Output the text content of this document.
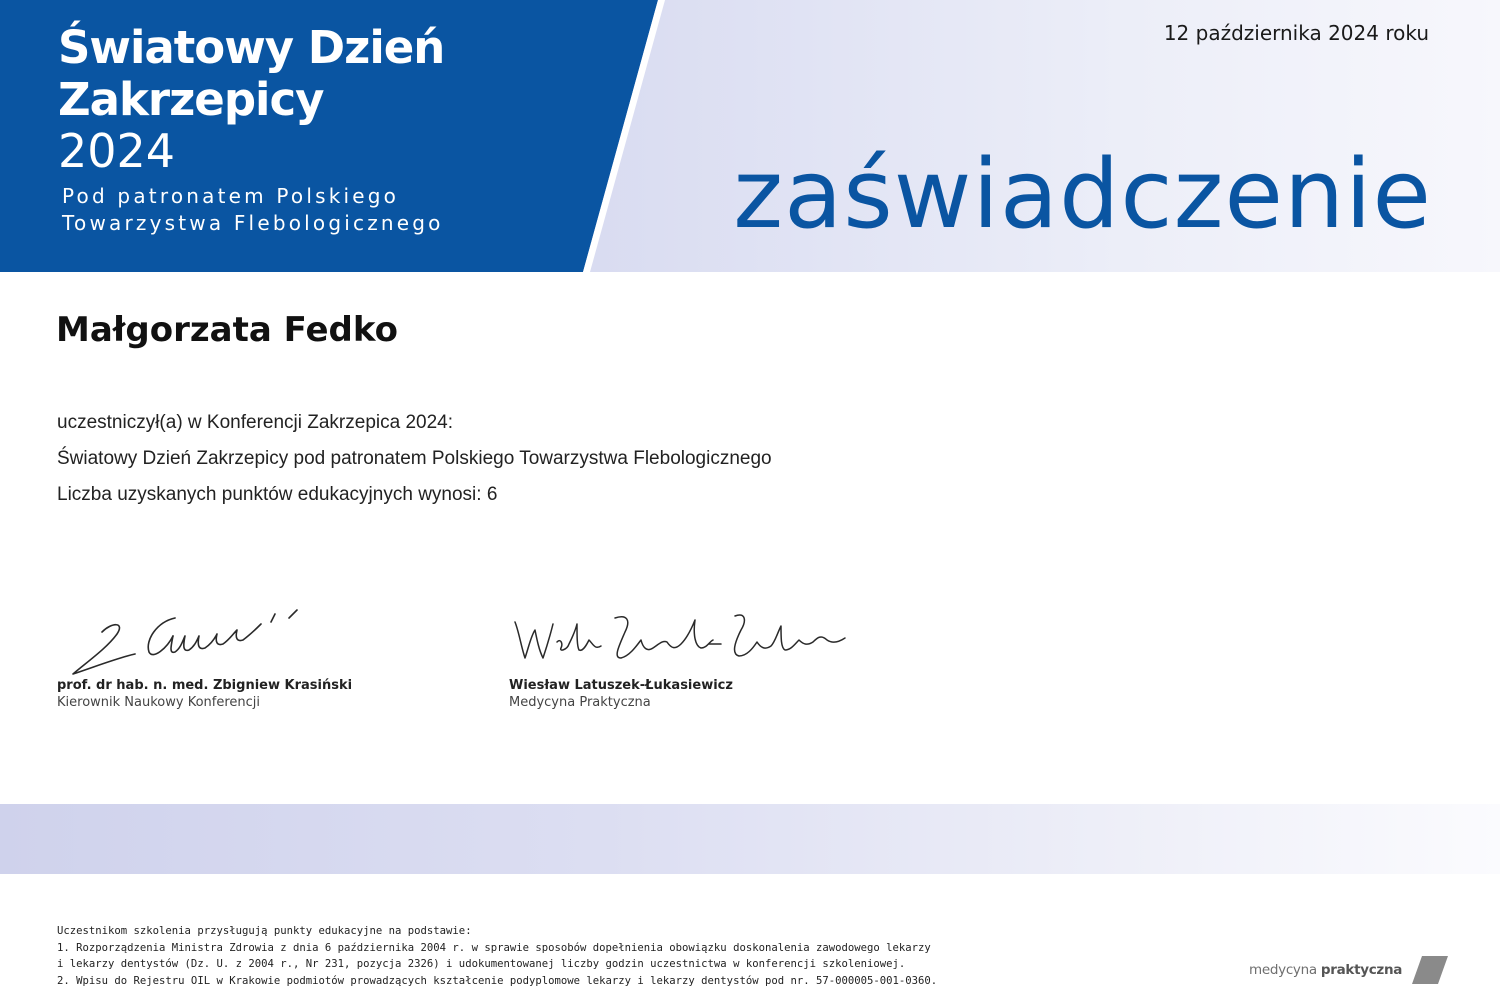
Światowy Dzień
Zakrzepicy
2024
Pod patronatem Polskiego
Towarzystwa Flebologicznego
12 października 2024 roku
zaświadczenie
Małgorzata Fedko
uczestniczył(a) w Konferencji Zakrzepica 2024:
Światowy Dzień Zakrzepicy pod patronatem Polskiego Towarzystwa Flebologicznego
Liczba uzyskanych punktów edukacyjnych wynosi: 6
prof. dr hab. n. med. Zbigniew Krasiński
Kierownik Naukowy Konferencji
Wiesław Latuszek-Łukasiewicz
Medycyna Praktyczna
Uczestnikom szkolenia przysługują punkty edukacyjne na podstawie:
1. Rozporządzenia Ministra Zdrowia z dnia 6 października 2004 r. w sprawie sposobów dopełnienia obowiązku doskonalenia zawodowego lekarzy
i lekarzy dentystów (Dz. U. z 2004 r., Nr 231, pozycja 2326) i udokumentowanej liczby godzin uczestnictwa w konferencji szkoleniowej.
2. Wpisu do Rejestru OIL w Krakowie podmiotów prowadzących kształcenie podyplomowe lekarzy i lekarzy dentystów pod nr. 57-000005-001-0360.
medycyna praktyczna
